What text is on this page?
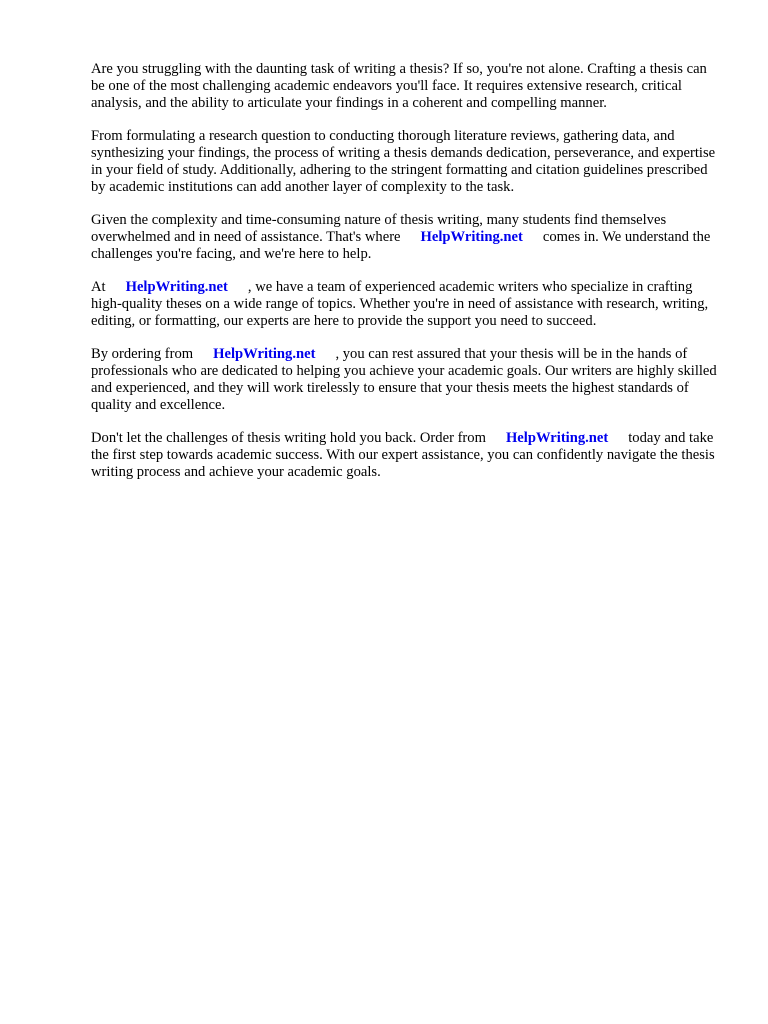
Are you struggling with the daunting task of writing a thesis? If so, you're not alone. Crafting a thesis can be one of the most challenging academic endeavors you'll face. It requires extensive research, critical analysis, and the ability to articulate your findings in a coherent and compelling manner.

From formulating a research question to conducting thorough literature reviews, gathering data, and synthesizing your findings, the process of writing a thesis demands dedication, perseverance, and expertise in your field of study. Additionally, adhering to the stringent formatting and citation guidelines prescribed by academic institutions can add another layer of complexity to the task.

Given the complexity and time-consuming nature of thesis writing, many students find themselves overwhelmed and in need of assistance. That's where HelpWriting.net comes in. We understand the challenges you're facing, and we're here to help.

At HelpWriting.net , we have a team of experienced academic writers who specialize in crafting high-quality theses on a wide range of topics. Whether you're in need of assistance with research, writing, editing, or formatting, our experts are here to provide the support you need to succeed.

By ordering from HelpWriting.net , you can rest assured that your thesis will be in the hands of professionals who are dedicated to helping you achieve your academic goals. Our writers are highly skilled and experienced, and they will work tirelessly to ensure that your thesis meets the highest standards of quality and excellence.

Don't let the challenges of thesis writing hold you back. Order from HelpWriting.net today and take the first step towards academic success. With our expert assistance, you can confidently navigate the thesis writing process and achieve your academic goals.
